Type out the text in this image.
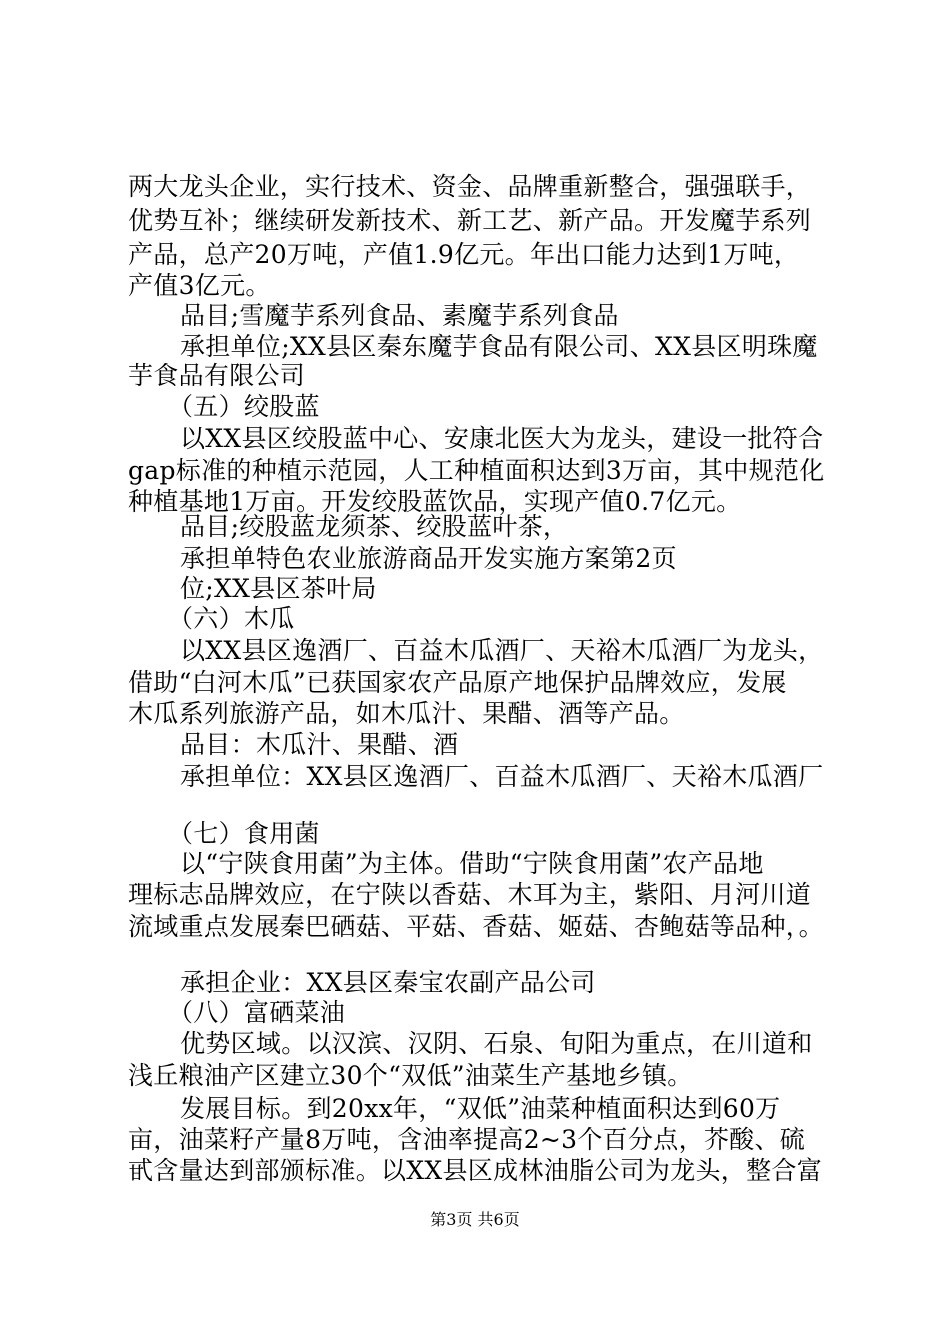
两大龙头企业，实行技术、资金、品牌重新整合，强强联手，
优势互补；继续研发新技术、新工艺、新产品。开发魔芋系列
产品，总产20万吨，产值1.9亿元。年出口能力达到1万吨，
产值3亿元。
品目;雪魔芋系列食品、素魔芋系列食品
承担单位;XX县区秦东魔芋食品有限公司、XX县区明珠魔
芋食品有限公司
（五）绞股蓝
以XX县区绞股蓝中心、安康北医大为龙头，建设一批符合
gap标准的种植示范园，人工种植面积达到3万亩，其中规范化
种植基地1万亩。开发绞股蓝饮品，实现产值0.7亿元。
品目;绞股蓝龙须茶、绞股蓝叶茶，
承担单特色农业旅游商品开发实施方案第2页
位;XX县区茶叶局
（六）木瓜
以XX县区逸酒厂、百益木瓜酒厂、天裕木瓜酒厂为龙头，
借助“白河木瓜”已获国家农产品原产地保护品牌效应，发展
木瓜系列旅游产品，如木瓜汁、果醋、酒等产品。
品目：木瓜汁、果醋、酒
承担单位：XX县区逸酒厂、百益木瓜酒厂、天裕木瓜酒厂
（七）食用菌
以“宁陕食用菌”为主体。借助“宁陕食用菌”农产品地
理标志品牌效应，在宁陕以香菇、木耳为主，紫阳、月河川道
流域重点发展秦巴硒菇、平菇、香菇、姬菇、杏鲍菇等品种，。
承担企业：XX县区秦宝农副产品公司
（八）富硒菜油
优势区域。以汉滨、汉阴、石泉、旬阳为重点，在川道和
浅丘粮油产区建立30个“双低”油菜生产基地乡镇。
发展目标。到20xx年，“双低”油菜种植面积达到60万
亩，油菜籽产量8万吨，含油率提高2~3个百分点，芥酸、硫
甙含量达到部颁标准。以XX县区成林油脂公司为龙头，整合富
第3页 共6页
